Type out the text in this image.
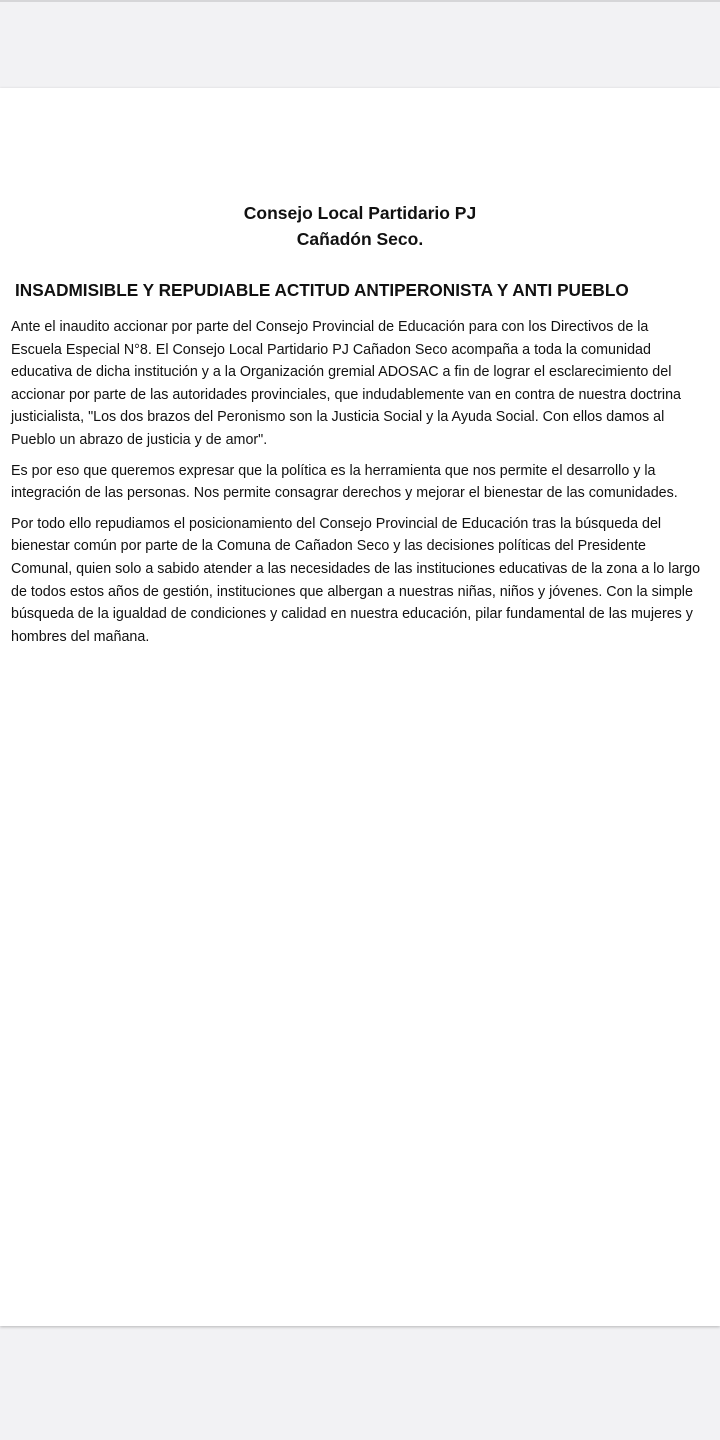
Consejo Local Partidario PJ
Cañadón Seco.
INSADMISIBLE Y REPUDIABLE ACTITUD ANTIPERONISTA Y ANTI PUEBLO

Ante el inaudito accionar por parte del Consejo Provincial de Educación para con los Directivos de la Escuela Especial N°8. El Consejo Local Partidario PJ Cañadon Seco acompaña a toda la comunidad educativa de dicha institución y a la Organización gremial ADOSAC a fin de lograr el esclarecimiento del accionar por parte de las autoridades provinciales, que indudablemente van en contra de nuestra doctrina justicialista, "Los dos brazos del Peronismo son la Justicia Social y la Ayuda Social. Con ellos damos al Pueblo un abrazo de justicia y de amor".

Es por eso que queremos expresar que la política es la herramienta que nos permite el desarrollo y la integración de las personas. Nos permite consagrar derechos y mejorar el bienestar de las comunidades.

Por todo ello repudiamos el posicionamiento del Consejo Provincial de Educación tras la búsqueda del bienestar común por parte de la Comuna de Cañadon Seco y las decisiones políticas del Presidente Comunal, quien solo a sabido atender a las necesidades de las instituciones educativas de la zona a lo largo de todos estos años de gestión, instituciones que albergan a nuestras niñas, niños y jóvenes. Con la simple búsqueda de la igualdad de condiciones y calidad en nuestra educación, pilar fundamental de las mujeres y hombres del mañana.
